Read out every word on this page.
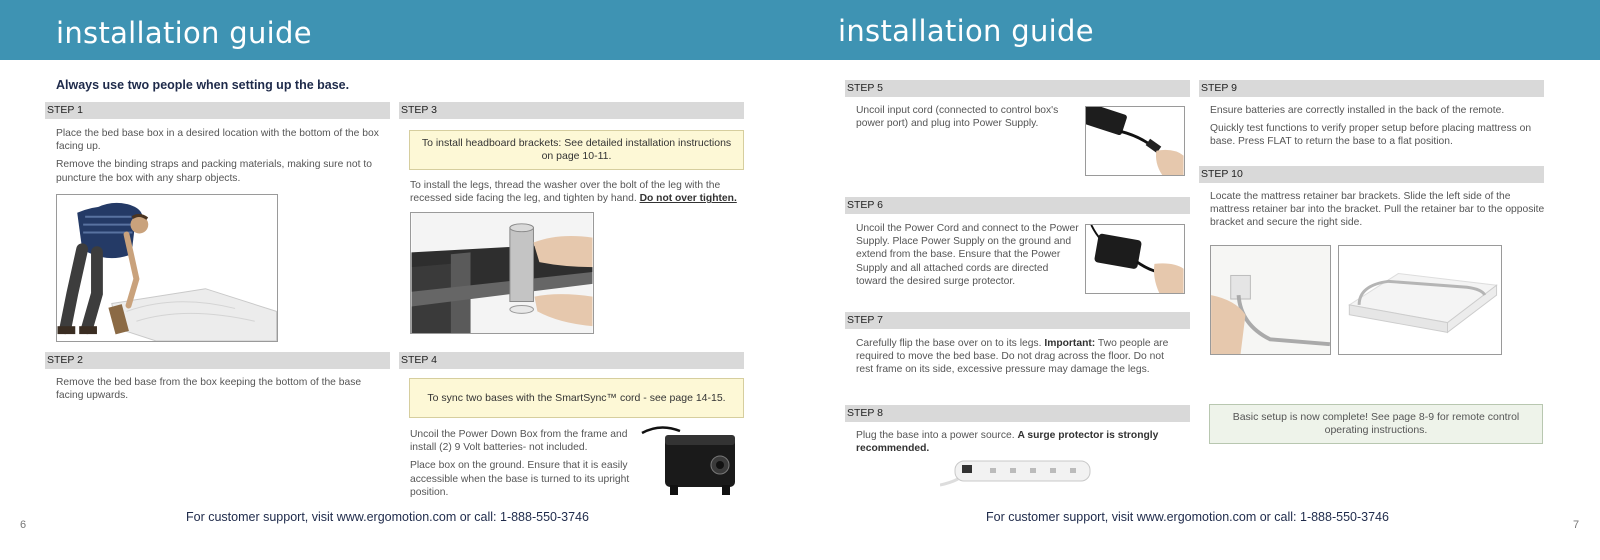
installation guide
Always use two people when setting up the base.
STEP 1

Place the bed base box in a desired location with the bottom of the box facing up.

Remove the binding straps and packing materials, making sure not to puncture the box with any sharp objects.

STEP 2

Remove the bed base from the box keeping the bottom of the base facing upwards.

STEP 3
To install headboard brackets: See detailed installation instructions on page 10-11.

To install the legs, thread the washer over the bolt of the leg with the recessed side facing the leg, and tighten by hand. Do not over tighten.

STEP 4
To sync two bases with the SmartSync™ cord - see page 14-15.

Uncoil the Power Down Box from the frame and install (2) 9 Volt batteries- not included.

Place box on the ground. Ensure that it is easily accessible when the base is turned to its upright position.

For customer support, visit www.ergomotion.com or call: 1-888-550-3746
6
installation guide
STEP 5

Uncoil input cord (connected to control box's power port) and plug into Power Supply.

STEP 6

Uncoil the Power Cord and connect to the Power Supply. Place Power Supply on the ground and extend from the base. Ensure that the Power Supply and all attached cords are directed toward the desired surge protector.

STEP 7

Carefully flip the base over on to its legs. Important: Two people are required to move the bed base. Do not drag across the floor. Do not rest frame on its side, excessive pressure may damage the legs.

STEP 8

Plug the base into a power source. A surge protector is strongly recommended.

STEP 9

Ensure batteries are correctly installed in the back of the remote.

Quickly test functions to verify proper setup before placing mattress on base. Press FLAT to return the base to a flat position.

STEP 10

Locate the mattress retainer bar brackets. Slide the left side of the mattress retainer bar into the bracket. Pull the retainer bar to the opposite bracket and secure the right side.

Basic setup is now complete! See page 8-9 for remote control operating instructions.
For customer support, visit www.ergomotion.com or call: 1-888-550-3746
7
